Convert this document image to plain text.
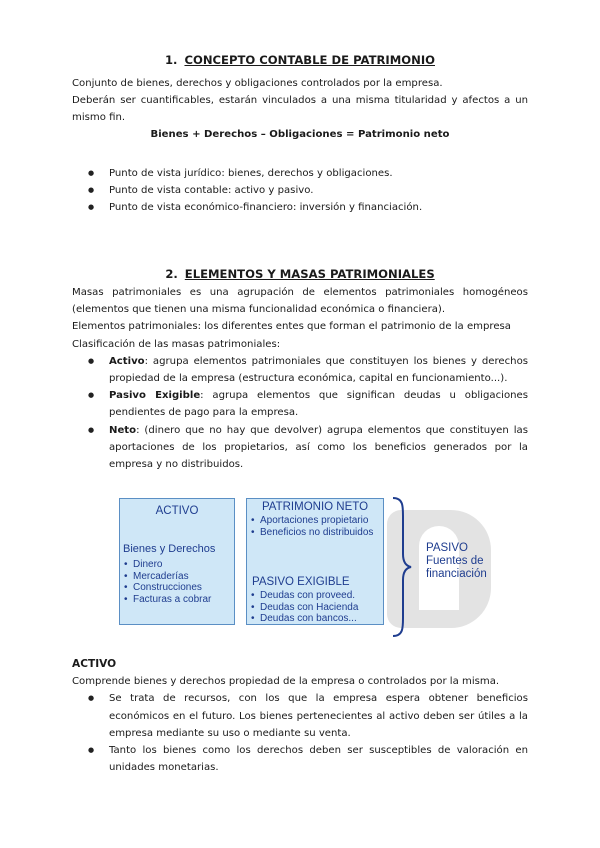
1. CONCEPTO CONTABLE DE PATRIMONIO

Conjunto de bienes, derechos y obligaciones controlados por la empresa.

Deberán ser cuantificables, estarán vinculados a una misma titularidad y afectos a un mismo fin.

Bienes + Derechos – Obligaciones = Patrimonio neto

● Punto de vista jurídico: bienes, derechos y obligaciones.
● Punto de vista contable: activo y pasivo.
● Punto de vista económico-financiero: inversión y financiación.
2. ELEMENTOS Y MASAS PATRIMONIALES

Masas patrimoniales es una agrupación de elementos patrimoniales homogéneos (elementos que tienen una misma funcionalidad económica o financiera).

Elementos patrimoniales: los diferentes entes que forman el patrimonio de la empresa

Clasificación de las masas patrimoniales:

● Activo: agrupa elementos patrimoniales que constituyen los bienes y derechos propiedad de la empresa (estructura económica, capital en funcionamiento...).
● Pasivo Exigible: agrupa elementos que significan deudas u obligaciones pendientes de pago para la empresa.
● Neto: (dinero que no hay que devolver) agrupa elementos que constituyen las aportaciones de los propietarios, así como los beneficios generados por la empresa y no distribuidos.
ACTIVO
Bienes y Derechos
• Dinero
• Mercaderías
• Construcciones
• Facturas a cobrar
PATRIMONIO NETO
• Aportaciones propietario
• Beneficios no distribuidos
PASIVO EXIGIBLE
• Deudas con proveed.
• Deudas con Hacienda
• Deudas con bancos...
PASIVO
Fuentes de
financiación
ACTIVO

Comprende bienes y derechos propiedad de la empresa o controlados por la misma.

● Se trata de recursos, con los que la empresa espera obtener beneficios económicos en el futuro. Los bienes pertenecientes al activo deben ser útiles a la empresa mediante su uso o mediante su venta.
● Tanto los bienes como los derechos deben ser susceptibles de valoración en unidades monetarias.
